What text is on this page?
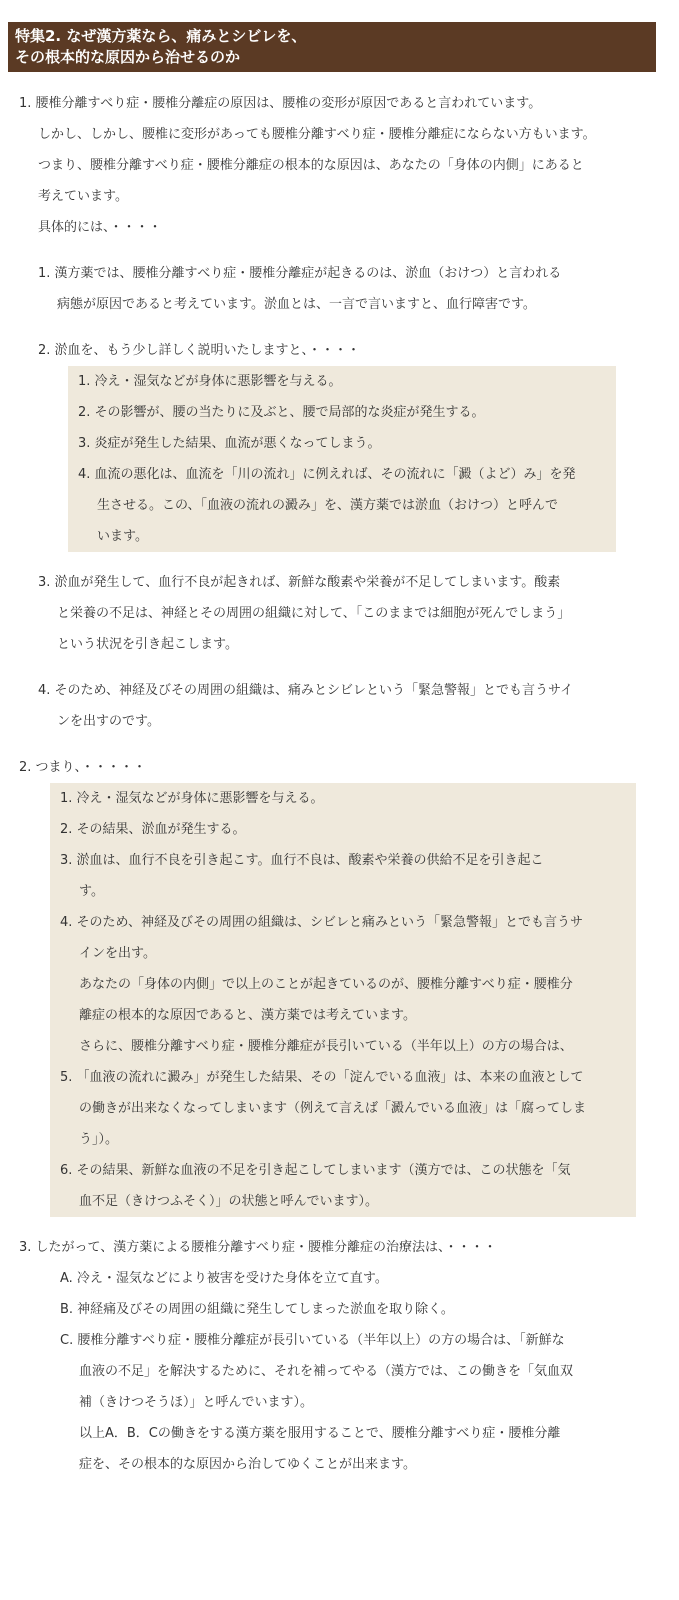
特集2. なぜ漢方薬なら、痛みとシビレを、
その根本的な原因から治せるのか
1. 腰椎分離すべり症・腰椎分離症の原因は、腰椎の変形が原因であると言われています。
しかし、しかし、腰椎に変形があっても腰椎分離すべり症・腰椎分離症にならない方もいます。
つまり、腰椎分離すべり症・腰椎分離症の根本的な原因は、あなたの「身体の内側」にあると
考えています。
具体的には、・・・・
1. 漢方薬では、腰椎分離すべり症・腰椎分離症が起きるのは、淤血（おけつ）と言われる
病態が原因であると考えています。淤血とは、一言で言いますと、血行障害です。
2. 淤血を、もう少し詳しく説明いたしますと、・・・・
1. 冷え・湿気などが身体に悪影響を与える。
2. その影響が、腰の当たりに及ぶと、腰で局部的な炎症が発生する。
3. 炎症が発生した結果、血流が悪くなってしまう。
4. 血流の悪化は、血流を「川の流れ」に例えれば、その流れに「澱（よど）み」を発
生させる。この、「血液の流れの澱み」を、漢方薬では淤血（おけつ）と呼んで
います。
3. 淤血が発生して、血行不良が起きれば、新鮮な酸素や栄養が不足してしまいます。酸素
と栄養の不足は、神経とその周囲の組織に対して、「このままでは細胞が死んでしまう」
という状況を引き起こします。
4. そのため、神経及びその周囲の組織は、痛みとシビレという「緊急警報」とでも言うサイ
ンを出すのです。
2. つまり、・・・・・
1. 冷え・湿気などが身体に悪影響を与える。
2. その結果、淤血が発生する。
3. 淤血は、血行不良を引き起こす。血行不良は、酸素や栄養の供給不足を引き起こ
す。
4. そのため、神経及びその周囲の組織は、シビレと痛みという「緊急警報」とでも言うサ
インを出す。
あなたの「身体の内側」で以上のことが起きているのが、腰椎分離すべり症・腰椎分
離症の根本的な原因であると、漢方薬では考えています。
さらに、腰椎分離すべり症・腰椎分離症が長引いている（半年以上）の方の場合は、
5. 「血液の流れに澱み」が発生した結果、その「淀んでいる血液」は、本来の血液として
の働きが出来なくなってしまいます（例えて言えば「澱んでいる血液」は「腐ってしま
う」）。
6. その結果、新鮮な血液の不足を引き起こしてしまいます（漢方では、この状態を「気
血不足（きけつふそく）」の状態と呼んでいます）。
3. したがって、漢方薬による腰椎分離すべり症・腰椎分離症の治療法は、・・・・
A. 冷え・湿気などにより被害を受けた身体を立て直す。
B. 神経痛及びその周囲の組織に発生してしまった淤血を取り除く。
C. 腰椎分離すべり症・腰椎分離症が長引いている（半年以上）の方の場合は、「新鮮な
血液の不足」を解決するために、それを補ってやる（漢方では、この働きを「気血双
補（きけつそうほ）」と呼んでいます）。
以上A．B．Cの働きをする漢方薬を服用することで、腰椎分離すべり症・腰椎分離
症を、その根本的な原因から治してゆくことが出来ます。
